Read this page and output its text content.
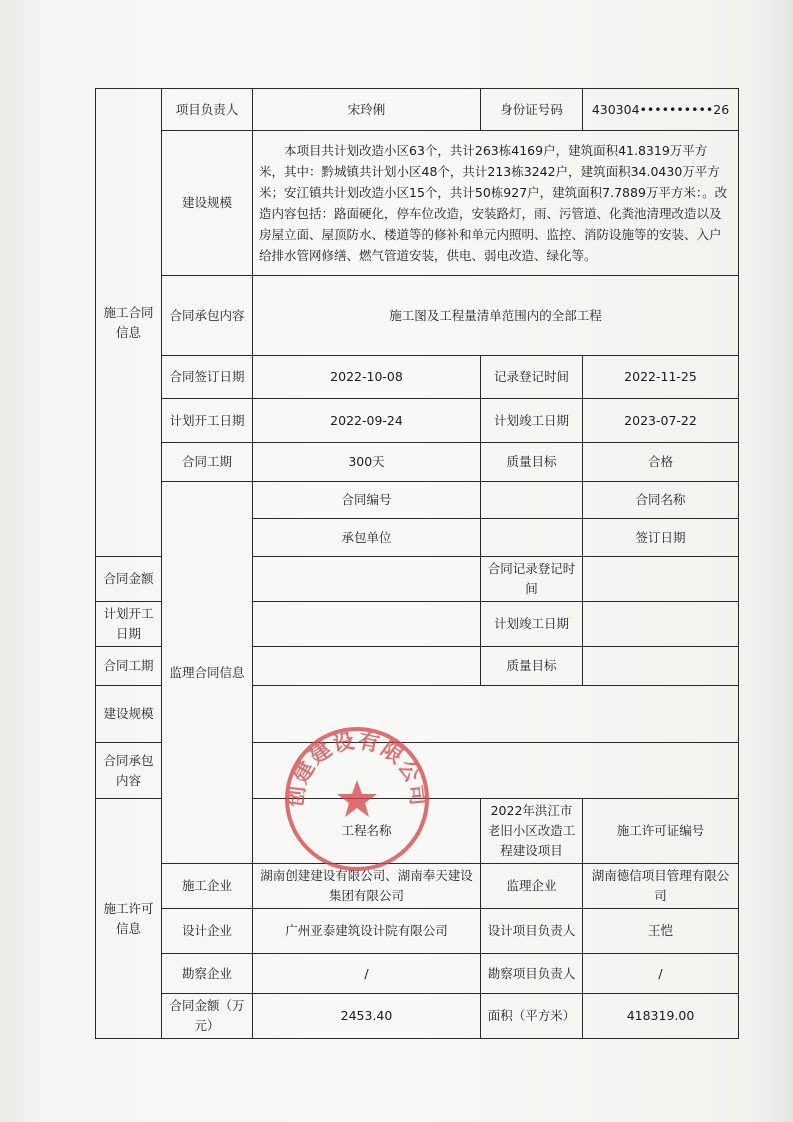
施工合同信息	项目负责人	宋玲俐	身份证号码	430304••••••••••26	
	建设规模	本项目共计划改造小区63个，共计263栋4169户，建筑面积41.8319万平方米，其中：黔城镇共计划小区48个，共计213栋3242户，建筑面积34.0430万平方米；安江镇共计划改造小区15个，共计50栋927户，建筑面积7.7889万平方米：。改造内容包括：路面硬化，停车位改造，安装路灯，雨、污管道、化粪池清理改造以及房屋立面、屋顶防水、楼道等的修补和单元内照明、监控、消防设施等的安装、入户给排水管网修缮、燃气管道安装，供电、弱电改造、绿化等。			
	合同承包内容	施工图及工程量清单范围内的全部工程			
	合同签订日期	2022-10-08	记录登记时间	2022-11-25	
	计划开工日期	2022-09-24	计划竣工日期	2023-07-22	
	合同工期	300天	质量目标	合格	
	监理合同信息	合同编号		合同名称	
		承包单位		签订日期	
合同金额			合同记录登记时间		
计划开工日期			计划竣工日期		
合同工期			质量目标		
建设规模					
合同承包内容					
施工许可信息		工程名称	2022年洪江市老旧小区改造工程建设项目	施工许可证编号	
	施工企业	湖南创建建设有限公司、湖南奉天建设集团有限公司	监理企业	湖南德信项目管理有限公司	
	设计企业	广州亚泰建筑设计院有限公司	设计项目负责人	王恺	
	勘察企业	/	勘察项目负责人	/	
	合同金额（万元）	2453.40	面积（平方米）	418319.00	
创建建设有限公司
